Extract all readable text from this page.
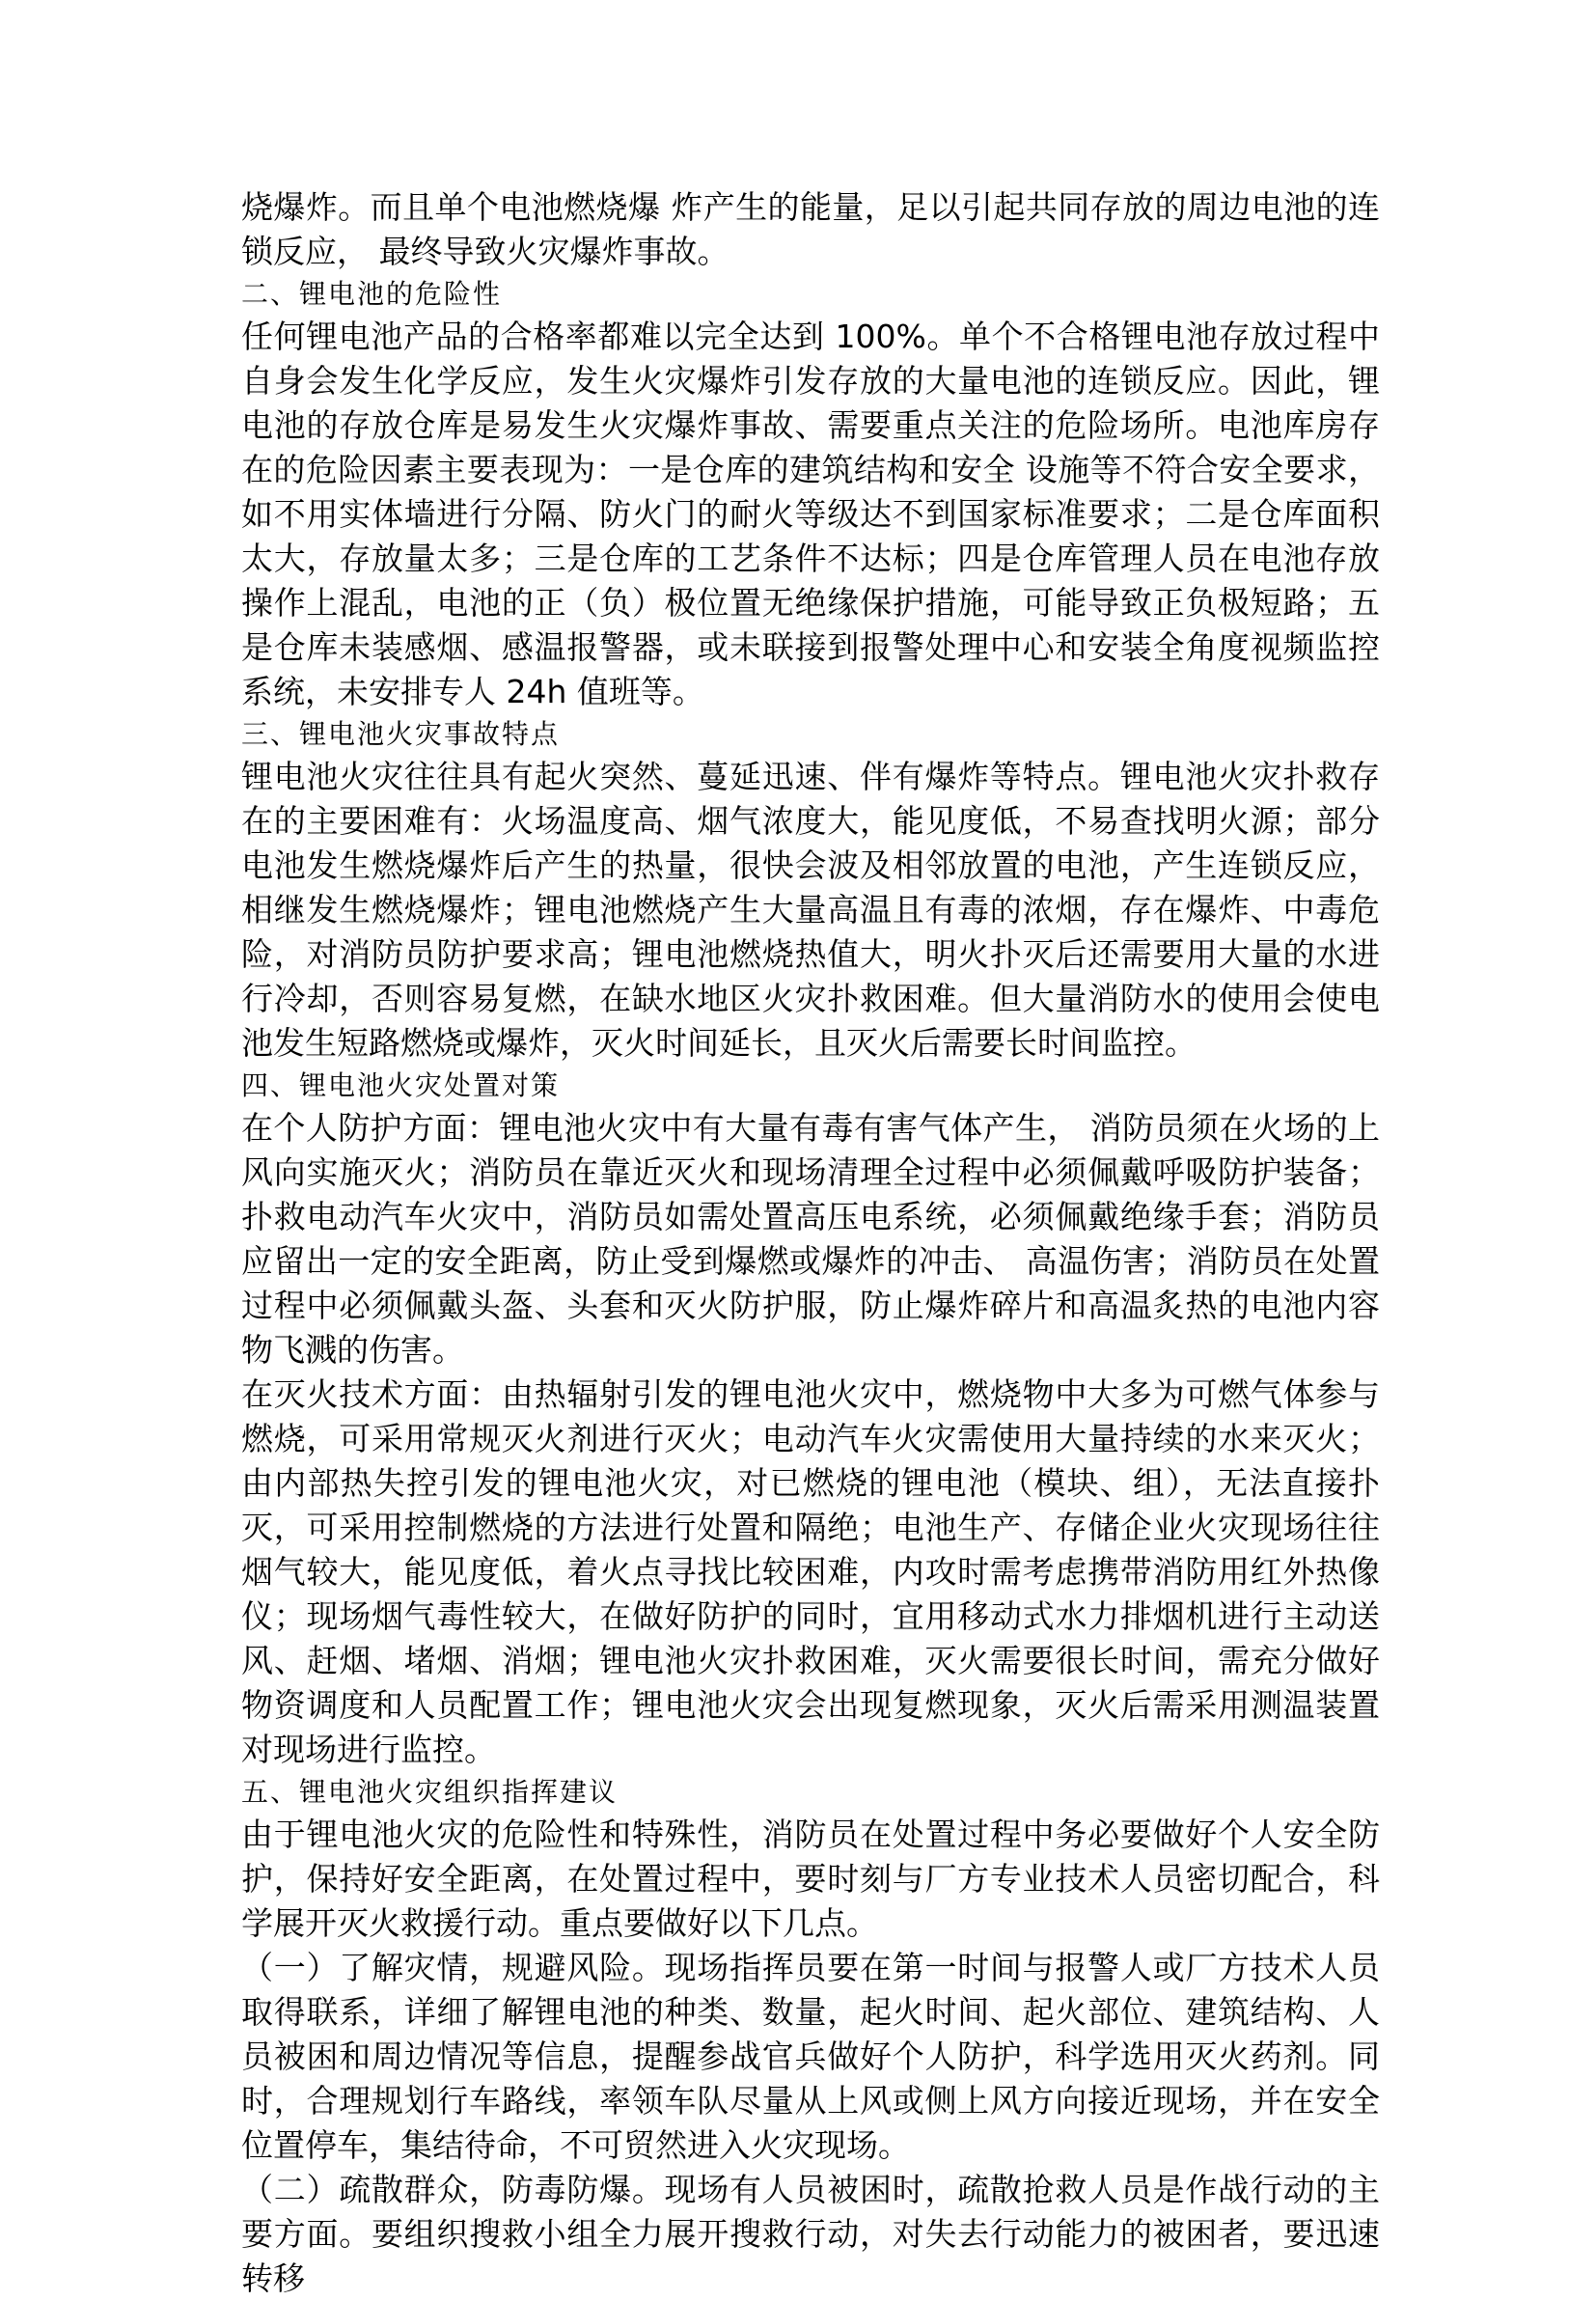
烧爆炸。而且单个电池燃烧爆 炸产生的能量，足以引起共同存放的周边电池的连锁反应， 最终导致火灾爆炸事故。

二、锂电池的危险性

任何锂电池产品的合格率都难以完全达到 100%。单个不合格锂电池存放过程中自身会发生化学反应，发生火灾爆炸引发存放的大量电池的连锁反应。因此，锂电池的存放仓库是易发生火灾爆炸事故、需要重点关注的危险场所。电池库房存在的危险因素主要表现为：一是仓库的建筑结构和安全 设施等不符合安全要求，如不用实体墙进行分隔、防火门的耐火等级达不到国家标准要求；二是仓库面积太大，存放量太多；三是仓库的工艺条件不达标；四是仓库管理人员在电池存放操作上混乱，电池的正（负）极位置无绝缘保护措施，可能导致正负极短路；五是仓库未装感烟、感温报警器，或未联接到报警处理中心和安装全角度视频监控系统，未安排专人 24h 值班等。

三、锂电池火灾事故特点

锂电池火灾往往具有起火突然、蔓延迅速、伴有爆炸等特点。锂电池火灾扑救存在的主要困难有：火场温度高、烟气浓度大，能见度低，不易查找明火源；部分电池发生燃烧爆炸后产生的热量，很快会波及相邻放置的电池，产生连锁反应，相继发生燃烧爆炸；锂电池燃烧产生大量高温且有毒的浓烟，存在爆炸、中毒危险，对消防员防护要求高；锂电池燃烧热值大，明火扑灭后还需要用大量的水进行冷却，否则容易复燃，在缺水地区火灾扑救困难。但大量消防水的使用会使电池发生短路燃烧或爆炸，灭火时间延长，且灭火后需要长时间监控。

四、锂电池火灾处置对策

在个人防护方面：锂电池火灾中有大量有毒有害气体产生， 消防员须在火场的上风向实施灭火；消防员在靠近灭火和现场清理全过程中必须佩戴呼吸防护装备；扑救电动汽车火灾中，消防员如需处置高压电系统，必须佩戴绝缘手套；消防员应留出一定的安全距离，防止受到爆燃或爆炸的冲击、 高温伤害；消防员在处置过程中必须佩戴头盔、头套和灭火防护服，防止爆炸碎片和高温炙热的电池内容物飞溅的伤害。

在灭火技术方面：由热辐射引发的锂电池火灾中，燃烧物中大多为可燃气体参与燃烧，可采用常规灭火剂进行灭火；电动汽车火灾需使用大量持续的水来灭火；由内部热失控引发的锂电池火灾，对已燃烧的锂电池（模块、组），无法直接扑灭，可采用控制燃烧的方法进行处置和隔绝；电池生产、存储企业火灾现场往往烟气较大，能见度低，着火点寻找比较困难，内攻时需考虑携带消防用红外热像仪；现场烟气毒性较大，在做好防护的同时，宜用移动式水力排烟机进行主动送风、赶烟、堵烟、消烟；锂电池火灾扑救困难，灭火需要很长时间，需充分做好物资调度和人员配置工作；锂电池火灾会出现复燃现象，灭火后需采用测温装置对现场进行监控。

五、锂电池火灾组织指挥建议

由于锂电池火灾的危险性和特殊性，消防员在处置过程中务必要做好个人安全防护，保持好安全距离，在处置过程中，要时刻与厂方专业技术人员密切配合，科学展开灭火救援行动。重点要做好以下几点。

（一）了解灾情，规避风险。现场指挥员要在第一时间与报警人或厂方技术人员取得联系，详细了解锂电池的种类、数量，起火时间、起火部位、建筑结构、人员被困和周边情况等信息，提醒参战官兵做好个人防护，科学选用灭火药剂。同时，合理规划行车路线，率领车队尽量从上风或侧上风方向接近现场，并在安全位置停车，集结待命，不可贸然进入火灾现场。

（二）疏散群众，防毒防爆。现场有人员被困时，疏散抢救人员是作战行动的主要方面。要组织搜救小组全力展开搜救行动，对失去行动能力的被困者，要迅速转移
